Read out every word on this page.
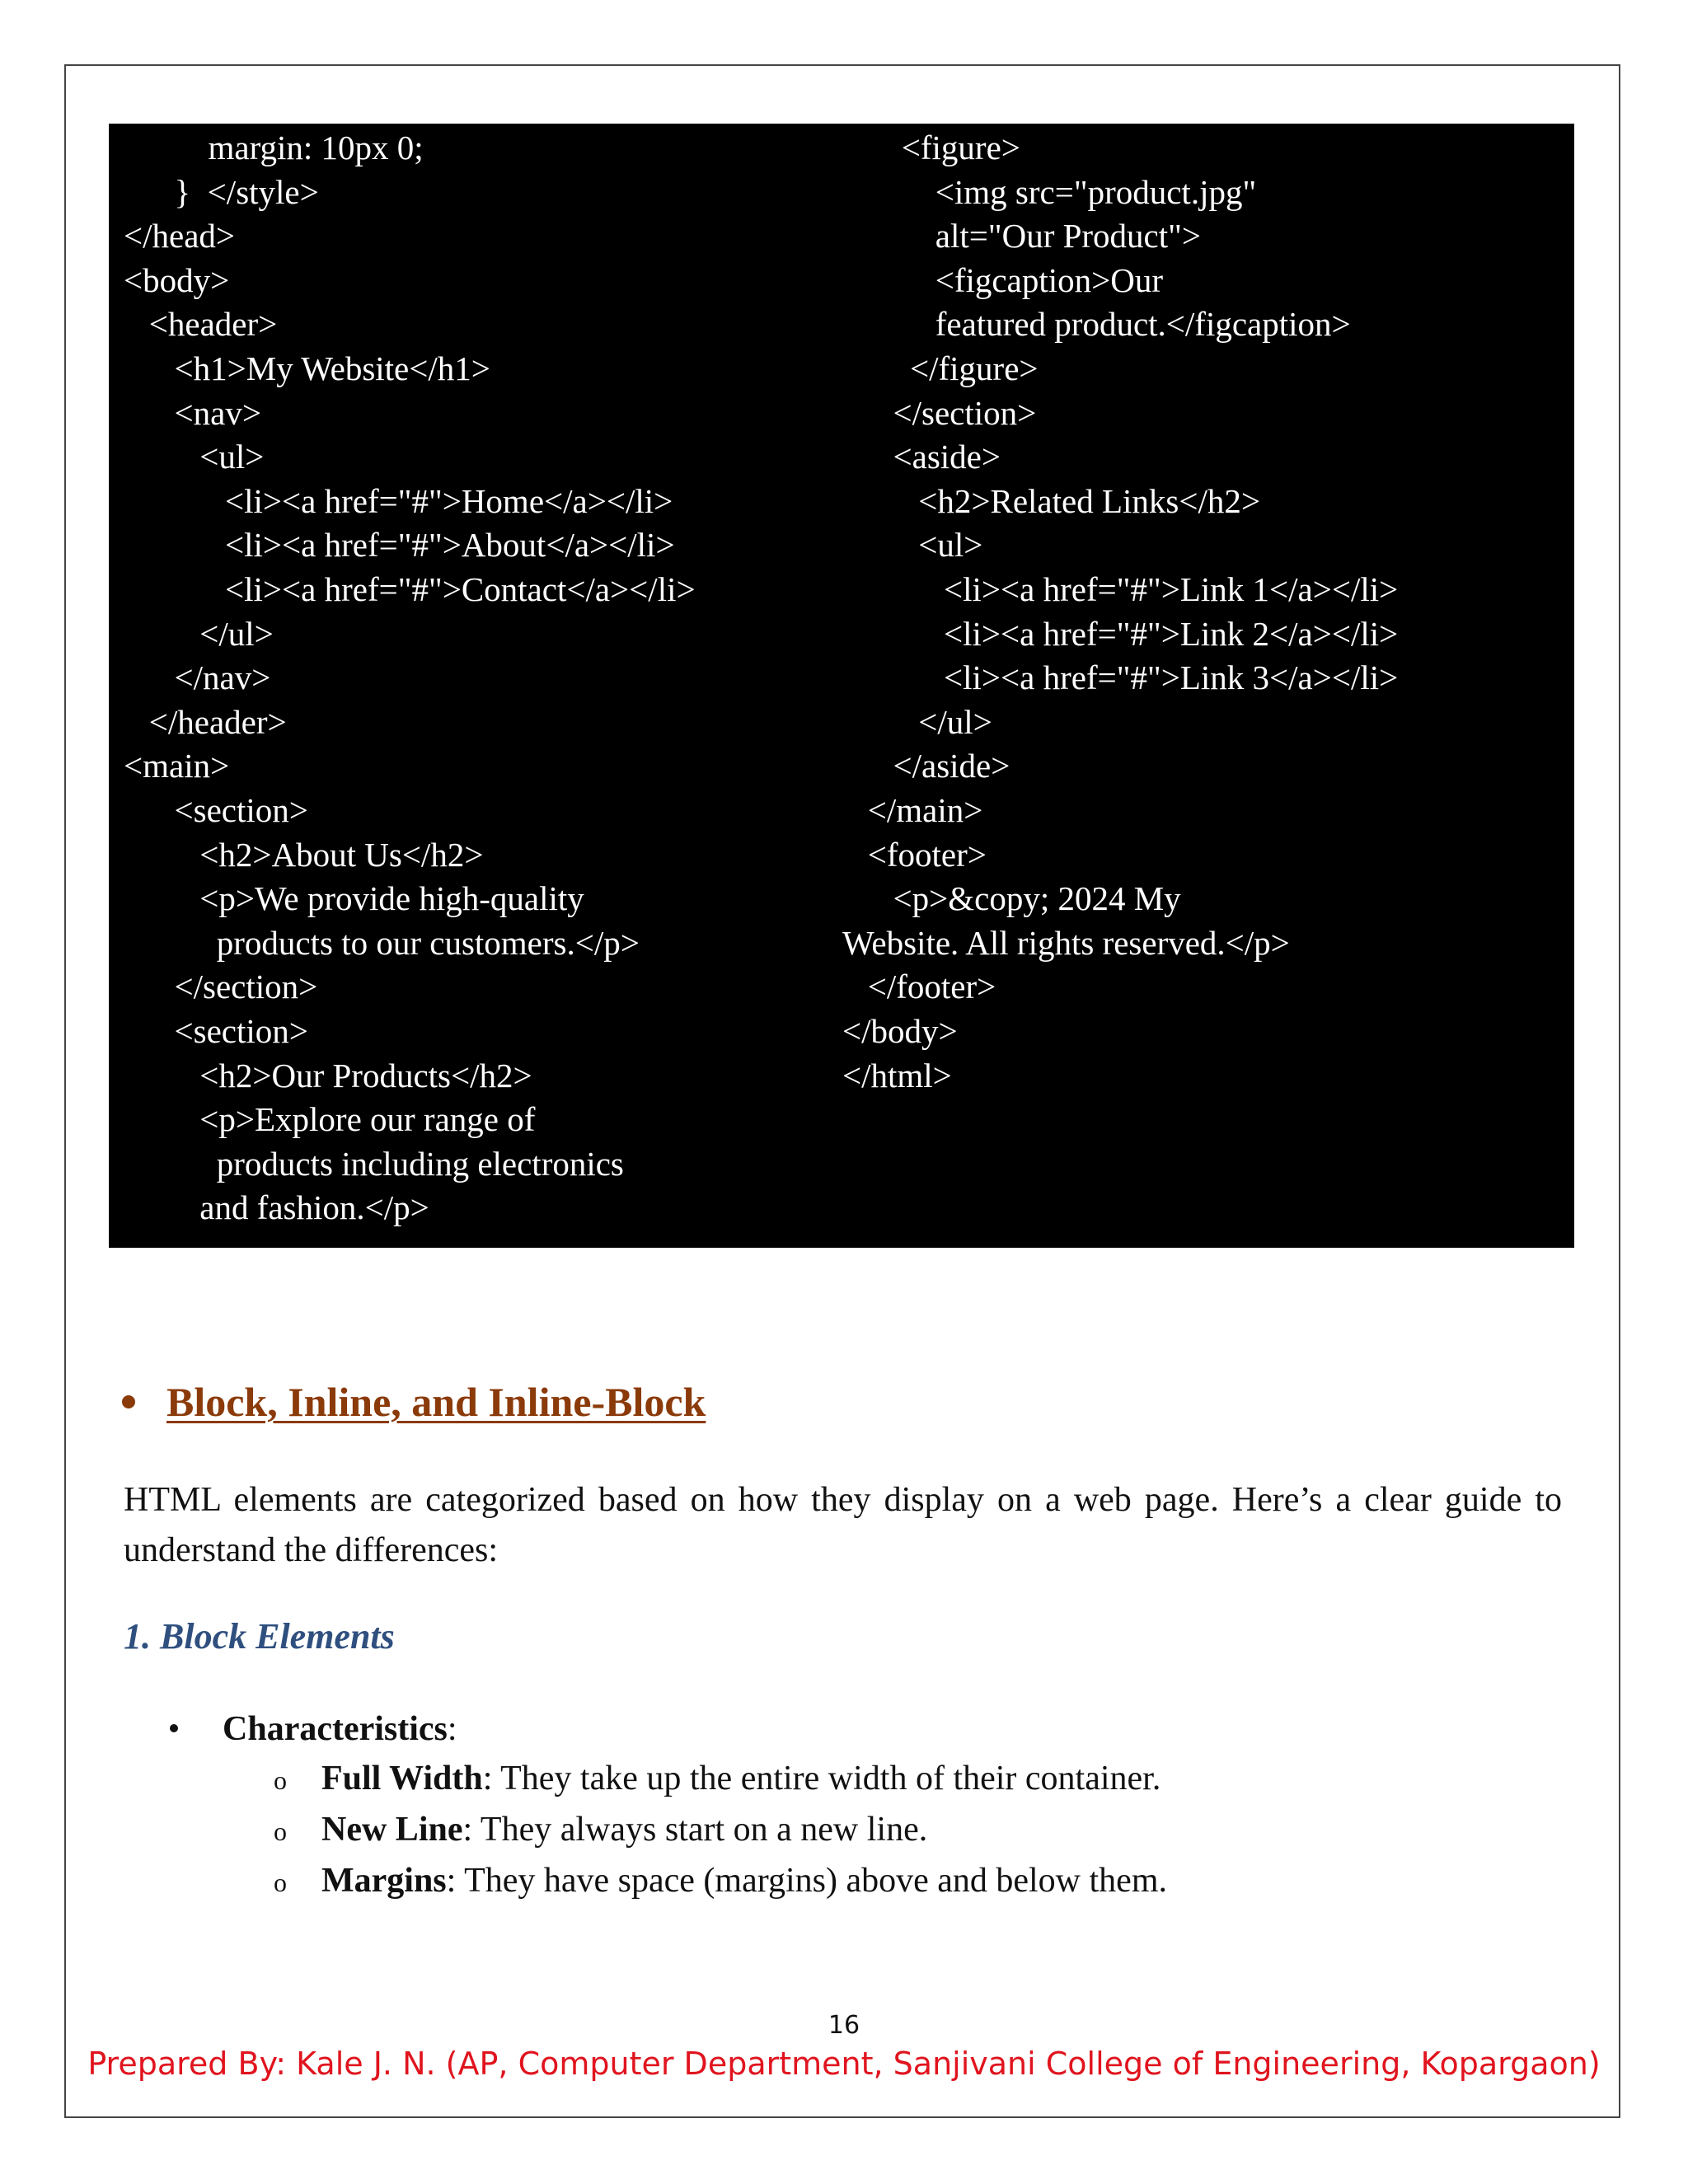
margin: 10px 0;
}  </style>
</head>
<body>
<header>
<h1>My Website</h1>
<nav>
<ul>
<li><a href="#">Home</a></li>
<li><a href="#">About</a></li>
<li><a href="#">Contact</a></li>
</ul>
</nav>
</header>
<main>
<section>
<h2>About Us</h2>
<p>We provide high-quality
products to our customers.</p>
</section>
<section>
<h2>Our Products</h2>
<p>Explore our range of
products including electronics
and fashion.</p>
<figure>
<img src="product.jpg"
alt="Our Product">
<figcaption>Our
featured product.</figcaption>
</figure>
</section>
<aside>
<h2>Related Links</h2>
<ul>
<li><a href="#">Link 1</a></li>
<li><a href="#">Link 2</a></li>
<li><a href="#">Link 3</a></li>
</ul>
</aside>
</main>
<footer>
<p>&copy; 2024 My
Website. All rights reserved.</p>
</footer>
</body>
</html>
Block, Inline, and Inline-Block
HTML elements are categorized based on how they display on a web page. Here’s a clear guide to understand the differences:
1. Block Elements
Characteristics:
o Full Width: They take up the entire width of their container.
o New Line: They always start on a new line.
o Margins: They have space (margins) above and below them.
16
Prepared By: Kale J. N. (AP, Computer Department, Sanjivani College of Engineering, Kopargaon)
